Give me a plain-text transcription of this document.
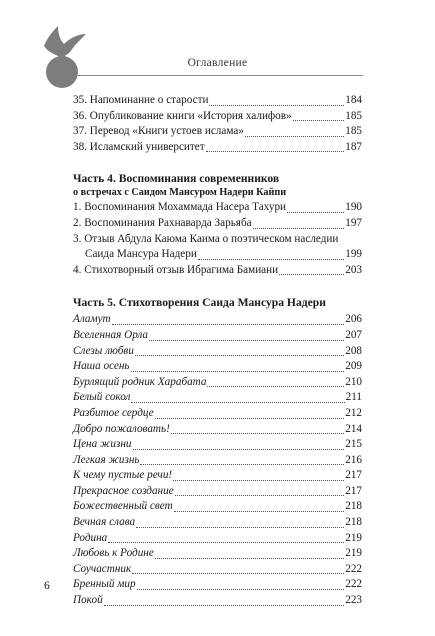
Оглавление
35. Напоминание о старости	184
36. Опубликование книги «История халифов»	185
37. Перевод «Книги устоев ислама»	185
38. Исламский университет	187
Часть 4. Воспоминания современников
о встречах с Саидом Мансуром Надери Кайпи
1. Воспоминания Мохаммада Насера Тахури	190
2. Воспоминания Рахнаварда Зарьяба	197
3. Отзыв Абдула Каюма Каима о поэтическом наследии
Саида Мансура Надери	199
4. Стихотворный отзыв Ибрагима Бамиани	203
Часть 5. Стихотворения Саида Мансура Надери
Аламут	206
Вселенная Орла	207
Слезы любви	208
Наша осень	209
Бурлящий родник Харабата	210
Белый сокол	211
Разбитое сердце	212
Добро пожаловать!	214
Цена жизни	215
Легкая жизнь	216
К чему пустые речи!	217
Прекрасное создание	217
Божественный свет	218
Вечная слава	218
Родина	219
Любовь к Родине	219
Соучастник	222
Бренный мир	222
Покой	223
6
